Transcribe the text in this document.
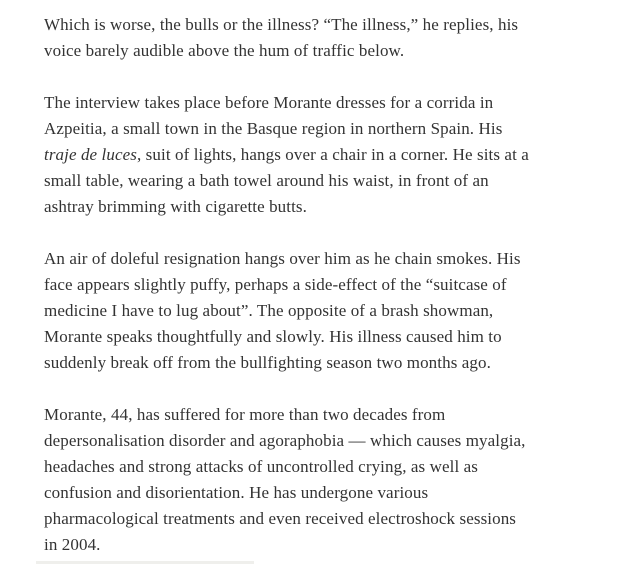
Which is worse, the bulls or the illness? “The illness,” he replies, his
voice barely audible above the hum of traffic below.

The interview takes place before Morante dresses for a corrida in
Azpeitia, a small town in the Basque region in northern Spain. His
traje de luces, suit of lights, hangs over a chair in a corner. He sits at a
small table, wearing a bath towel around his waist, in front of an
ashtray brimming with cigarette butts.

An air of doleful resignation hangs over him as he chain smokes. His
face appears slightly puffy, perhaps a side-effect of the “suitcase of
medicine I have to lug about”. The opposite of a brash showman,
Morante speaks thoughtfully and slowly. His illness caused him to
suddenly break off from the bullfighting season two months ago.

Morante, 44, has suffered for more than two decades from
depersonalisation disorder and agoraphobia — which causes myalgia,
headaches and strong attacks of uncontrolled crying, as well as
confusion and disorientation. He has undergone various
pharmacological treatments and even received electroshock sessions
in 2004.
